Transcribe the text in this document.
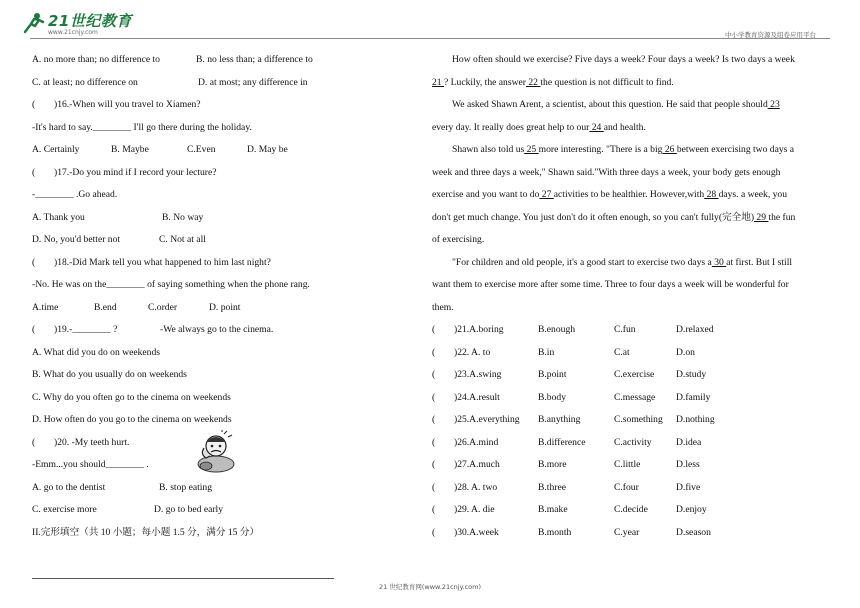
21世纪教育
www.21cnjy.com	中小学教育资源及组卷应用平台
A. no more than; no difference to	B. no less than; a difference to
C. at least; no difference on	D. at most; any difference in
( )16.-When will you travel to Xiamen?
-It's hard to say.________ I'll go there during the holiday.
A. Certainly	B. Maybe	C.Even	D. May be
( )17.-Do you mind if I record your lecture?
-________ .Go ahead.
A. Thank you	B. No way
D. No, you'd better not	C. Not at all
( )18.-Did Mark tell you what happened to him last night?
-No. He was on the________ of saying something when the phone rang.
A.time	B.end	C.order	D. point
( )19.-________ ?	-We always go to the cinema.
A. What did you do on weekends
B. What do you usually do on weekends
C. Why do you often go to the cinema on weekends
D. How often do you go to the cinema on weekends
( )20. -My teeth hurt.
-Emm...you should________ .
A. go to the dentist	B. stop eating
C. exercise more	D. go to bed early
II.完形填空（共 10 小题；每小题 1.5 分，满分 15 分）
How often should we exercise? Five days a week? Four days a week? Is two days a week
21 ? Luckily, the answer 22 the question is not difficult to find.
We asked Shawn Arent, a scientist, about this question. He said that people should 23
every day. It really does great help to our 24 and health.
Shawn also told us 25 more interesting. "There is a big 26 between exercising two days a
week and three days a week," Shawn said."With three days a week, your body gets enough
exercise and you want to do 27 activities to be healthier. However,with 28 days. a week, you
don't get much change. You just don't do it often enough, so you can't fully(完全地) 29 the fun
of exercising.
"For children and old people, it's a good start to exercise two days a 30 at first. But I still
want them to exercise more after some time. Three to four days a week will be wonderful for
them.
(	)21.A.boring	B.enough	C.fun	D.relaxed
(	)22. A. to	B.in	C.at	D.on
(	)23.A.swing	B.point	C.exercise	D.study
(	)24.A.result	B.body	C.message	D.family
(	)25.A.everything	B.anything	C.something	D.nothing
(	)26.A.mind	B.difference	C.activity	D.idea
(	)27.A.much	B.more	C.little	D.less
(	)28. A. two	B.three	C.four	D.five
(	)29. A. die	B.make	C.decide	D.enjoy
(	)30.A.week	B.month	C.year	D.season
21 世纪教育网(www.21cnjy.com)
